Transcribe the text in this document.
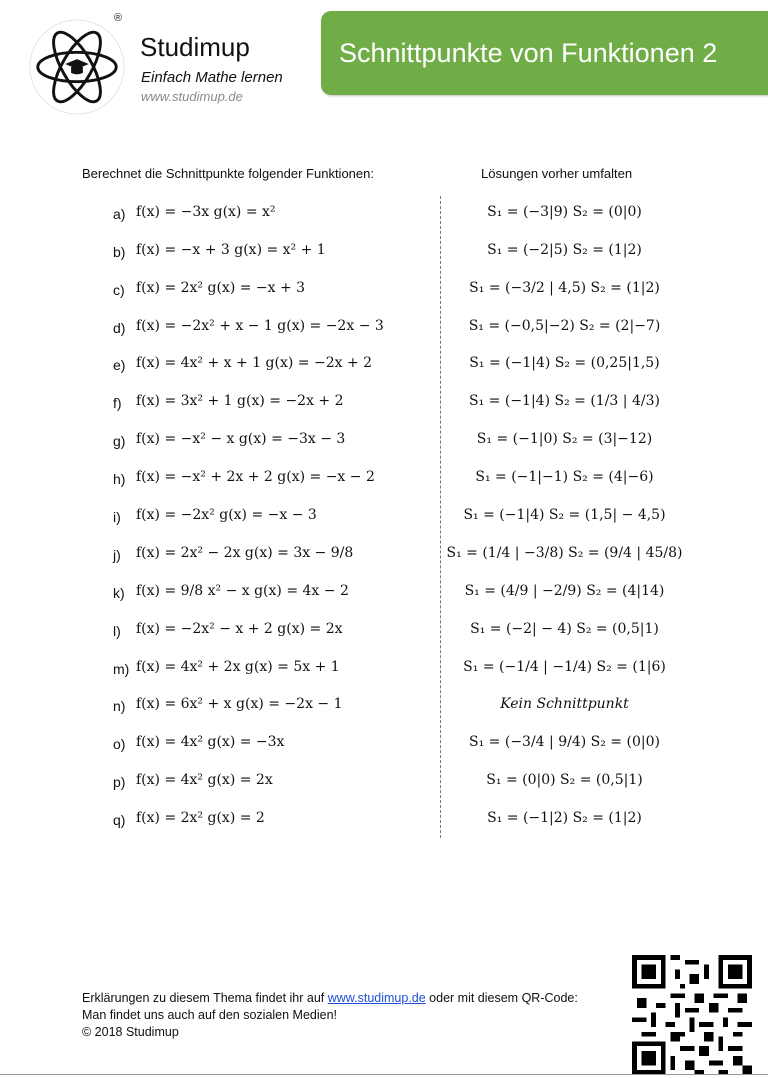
®
Studimup
Einfach Mathe lernen
www.studimup.de
Schnittpunkte von Funktionen 2
Berechnet die Schnittpunkte folgender Funktionen:	Lösungen vorher umfalten
a) f(x) = −3x g(x) = x²	S₁ = (−3|9) S₂ = (0|0)
b) f(x) = −x + 3 g(x) = x² + 1	S₁ = (−2|5) S₂ = (1|2)
c) f(x) = 2x² g(x) = −x + 3	S₁ = (−3/2 | 4,5) S₂ = (1|2)
d) f(x) = −2x² + x − 1 g(x) = −2x − 3	S₁ = (−0,5|−2) S₂ = (2|−7)
e) f(x) = 4x² + x + 1 g(x) = −2x + 2	S₁ = (−1|4) S₂ = (0,25|1,5)
f) f(x) = 3x² + 1 g(x) = −2x + 2	S₁ = (−1|4) S₂ = (1/3 | 4/3)
g) f(x) = −x² − x g(x) = −3x − 3	S₁ = (−1|0) S₂ = (3|−12)
h) f(x) = −x² + 2x + 2 g(x) = −x − 2	S₁ = (−1|−1) S₂ = (4|−6)
i) f(x) = −2x² g(x) = −x − 3	S₁ = (−1|4) S₂ = (1,5| − 4,5)
j) f(x) = 2x² − 2x g(x) = 3x − 9/8	S₁ = (1/4 | −3/8) S₂ = (9/4 | 45/8)
k) f(x) = 9/8 x² − x g(x) = 4x − 2	S₁ = (4/9 | −2/9) S₂ = (4|14)
l) f(x) = −2x² − x + 2 g(x) = 2x	S₁ = (−2| − 4) S₂ = (0,5|1)
m) f(x) = 4x² + 2x g(x) = 5x + 1	S₁ = (−1/4 | −1/4) S₂ = (1|6)
n) f(x) = 6x² + x g(x) = −2x − 1	Kein Schnittpunkt
o) f(x) = 4x² g(x) = −3x	S₁ = (−3/4 | 9/4) S₂ = (0|0)
p) f(x) = 4x² g(x) = 2x	S₁ = (0|0) S₂ = (0,5|1)
q) f(x) = 2x² g(x) = 2	S₁ = (−1|2) S₂ = (1|2)
Erklärungen zu diesem Thema findet ihr auf www.studimup.de oder mit diesem QR-Code:
Man findet uns auch auf den sozialen Medien!
© 2018 Studimup
